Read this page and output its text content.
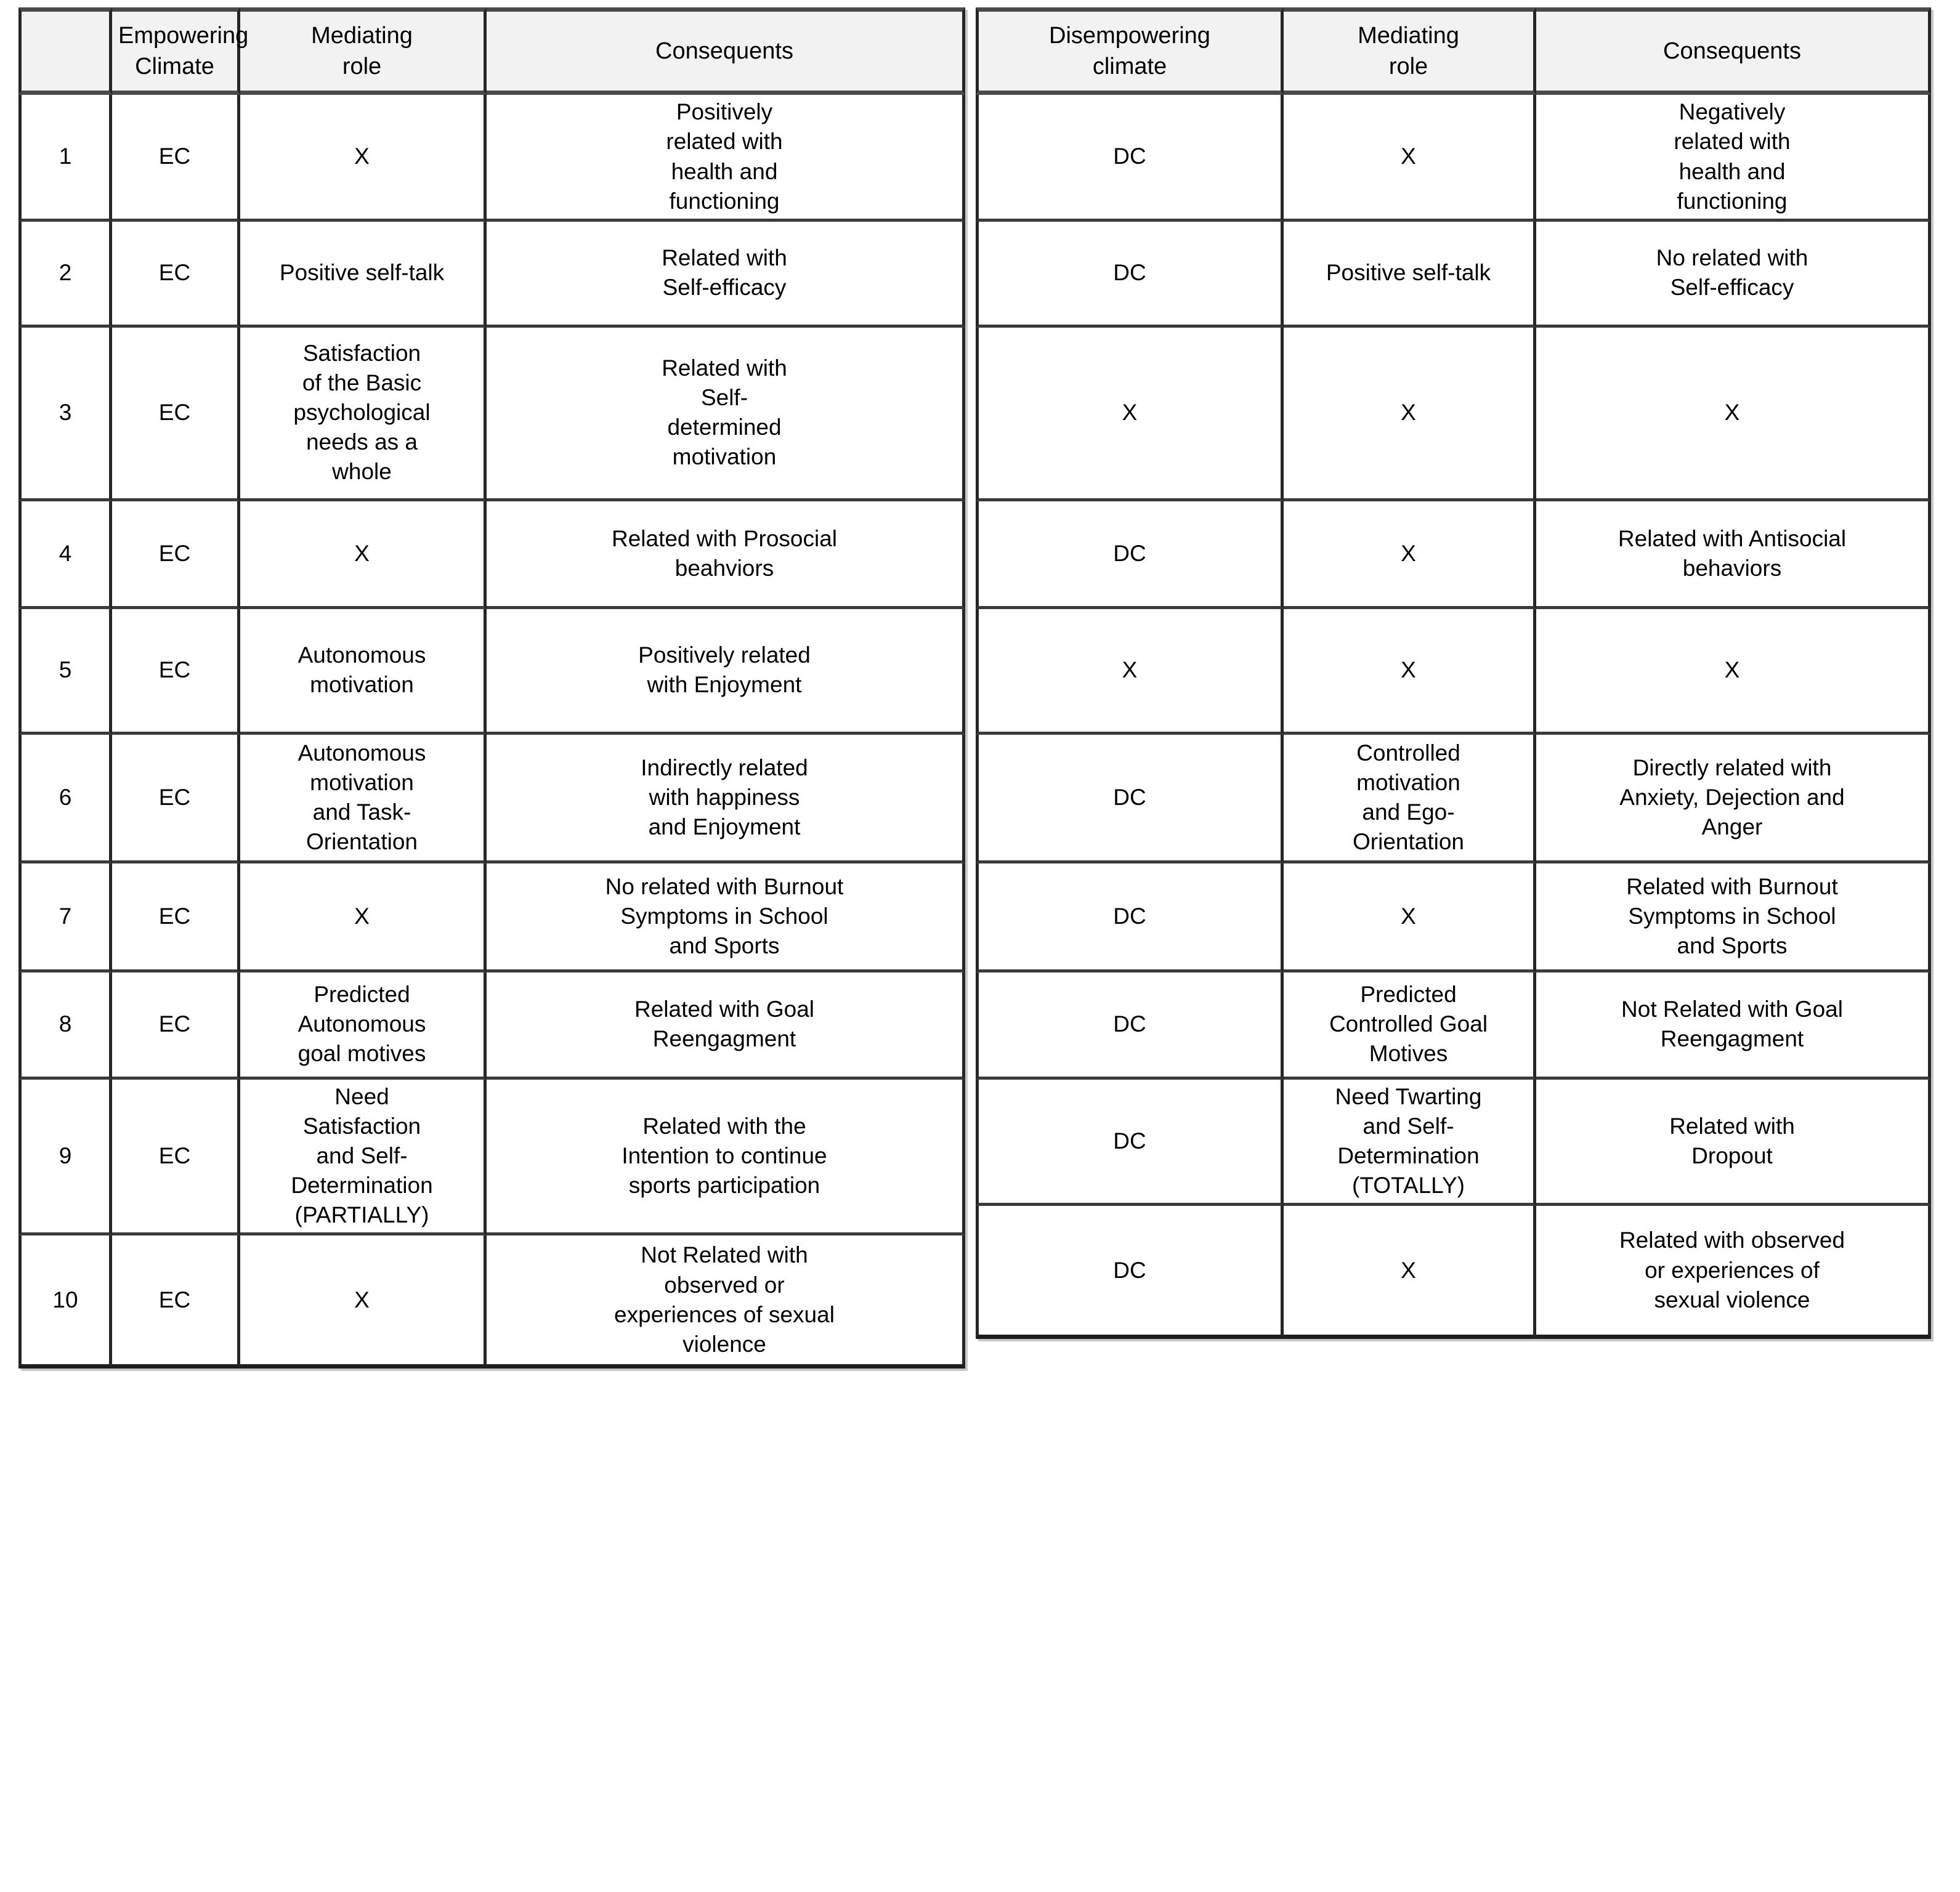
	Empowering
Climate	Mediating
role	Consequents
1	EC	X	Positively
related with
health and
functioning
2	EC	Positive self-talk	Related with
Self-efficacy
3	EC	Satisfaction
of the Basic
psychological
needs as a
whole	Related with
Self-
determined
motivation
4	EC	X	Related with Prosocial
beahviors
5	EC	Autonomous
motivation	Positively related
with Enjoyment
6	EC	Autonomous
motivation
and Task-
Orientation	Indirectly related
with happiness
and Enjoyment
7	EC	X	No related with Burnout
Symptoms in School
and Sports
8	EC	Predicted
Autonomous
goal motives	Related with Goal
Reengagment
9	EC	Need
Satisfaction
and Self-
Determination
(PARTIALLY)	Related with the
Intention to continue
sports participation
10	EC	X	Not Related with
observed or
experiences of sexual
violence
Disempowering
climate	Mediating
role	Consequents
DC	X	Negatively
related with
health and
functioning
DC	Positive self-talk	No related with
Self-efficacy
X	X	X
DC	X	Related with Antisocial
behaviors
X	X	X
DC	Controlled
motivation
and Ego-
Orientation	Directly related with
Anxiety, Dejection and
Anger
DC	X	Related with Burnout
Symptoms in School
and Sports
DC	Predicted
Controlled Goal
Motives	Not Related with Goal
Reengagment
DC	Need Twarting
and Self-
Determination
(TOTALLY)	Related with
Dropout
DC	X	Related with observed
or experiences of
sexual violence
